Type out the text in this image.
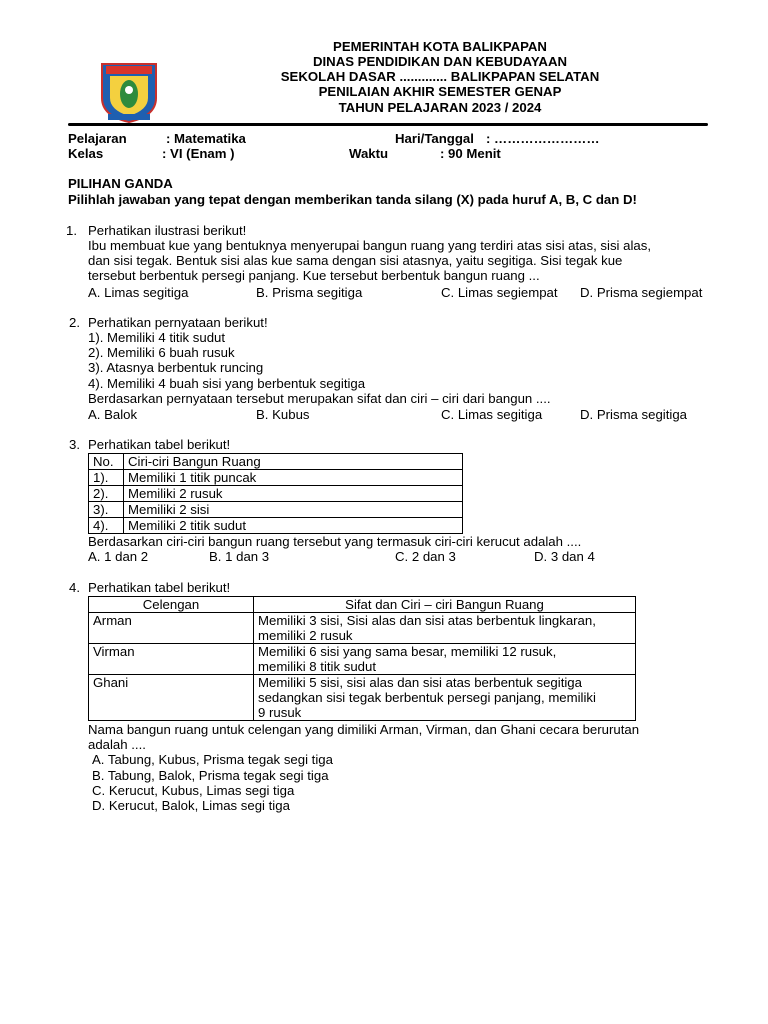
PEMERINTAH KOTA BALIKPAPAN
DINAS PENDIDIKAN DAN KEBUDAYAAN
SEKOLAH DASAR ............. BALIKPAPAN SELATAN
PENILAIAN AKHIR SEMESTER GENAP
TAHUN PELAJARAN 2023 / 2024
Pelajaran	: Matematika	Hari/Tanggal : ……………………
Kelas	: VI (Enam )	Waktu	: 90 Menit
PILIHAN GANDA
Pilihlah jawaban yang tepat dengan memberikan tanda silang (X) pada huruf A, B, C dan D!
1. Perhatikan ilustrasi berikut!
Ibu membuat kue yang bentuknya menyerupai bangun ruang yang terdiri atas sisi atas, sisi alas,
dan sisi tegak. Bentuk sisi alas kue sama dengan sisi atasnya, yaitu segitiga. Sisi tegak kue
tersebut berbentuk persegi panjang. Kue tersebut berbentuk bangun ruang ...
A. Limas segitiga	B. Prisma segitiga	C. Limas segiempat D. Prisma segiempat
2. Perhatikan pernyataan berikut!
1). Memiliki 4 titik sudut
2). Memiliki 6 buah rusuk
3). Atasnya berbentuk runcing
4). Memiliki 4 buah sisi yang berbentuk segitiga
Berdasarkan pernyataan tersebut merupakan sifat dan ciri – ciri dari bangun ....
A. Balok	B. Kubus	C. Limas segitiga	D. Prisma segitiga
3. Perhatikan tabel berikut!
No.	Ciri-ciri Bangun Ruang
1).	Memiliki 1 titik puncak
2).	Memiliki 2 rusuk
3).	Memiliki 2 sisi
4).	Memiliki 2 titik sudut
Berdasarkan ciri-ciri bangun ruang tersebut yang termasuk ciri-ciri kerucut adalah ....
A. 1 dan 2	B. 1 dan 3	C. 2 dan 3	D. 3 dan 4
4. Perhatikan tabel berikut!
Celengan	Sifat dan Ciri – ciri Bangun Ruang
Arman	Memiliki 3 sisi, Sisi alas dan sisi atas berbentuk lingkaran,
memiliki 2 rusuk

Virman	Memiliki 6 sisi yang sama besar, memiliki 12 rusuk,
memiliki 8 titik sudut

Ghani	Memiliki 5 sisi, sisi alas dan sisi atas berbentuk segitiga
sedangkan sisi tegak berbentuk persegi panjang, memiliki
9 rusuk
Nama bangun ruang untuk celengan yang dimiliki Arman, Virman, dan Ghani cecara berurutan
adalah ....
A. Tabung, Kubus, Prisma tegak segi tiga
B. Tabung, Balok, Prisma tegak segi tiga
C. Kerucut, Kubus, Limas segi tiga
D. Kerucut, Balok, Limas segi tiga
